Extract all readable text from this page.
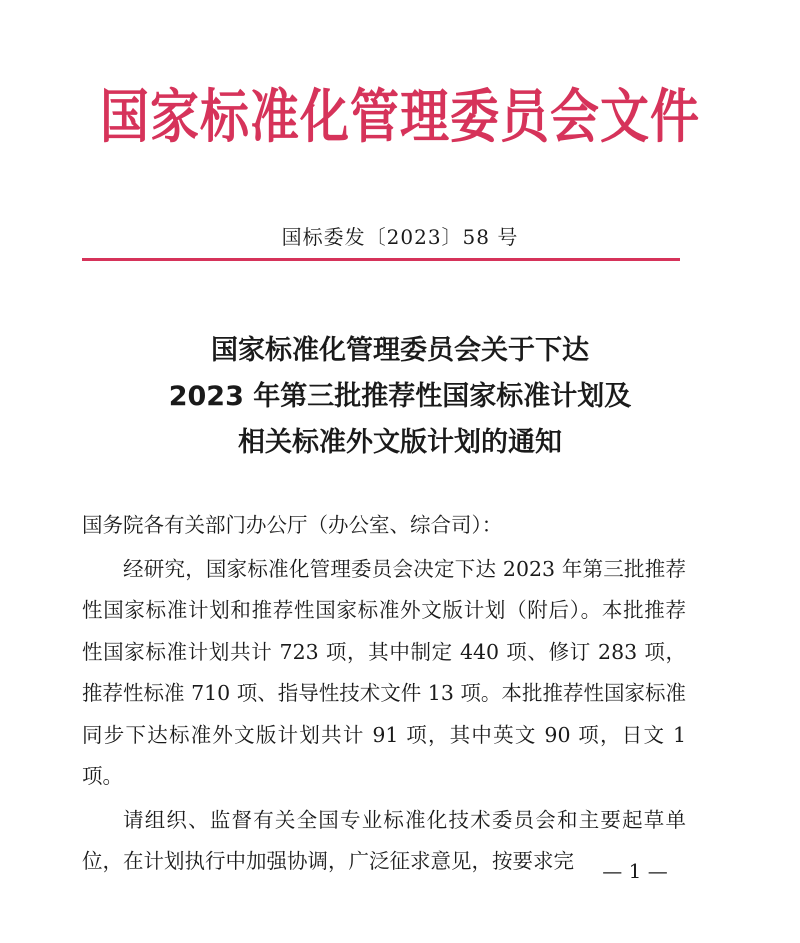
国家标准化管理委员会文件
国标委发〔2023〕58 号
国家标准化管理委员会关于下达
2023 年第三批推荐性国家标准计划及
相关标准外文版计划的通知
国务院各有关部门办公厅（办公室、综合司）：
经研究，国家标准化管理委员会决定下达 2023 年第三批推荐性国家标准计划和推荐性国家标准外文版计划（附后）。本批推荐性国家标准计划共计 723 项，其中制定 440 项、修订 283 项，推荐性标准 710 项、指导性技术文件 13 项。本批推荐性国家标准同步下达标准外文版计划共计 91 项，其中英文 90 项，日文 1 项。
请组织、监督有关全国专业标准化技术委员会和主要起草单位，在计划执行中加强协调，广泛征求意见，按要求完	— 1 —
